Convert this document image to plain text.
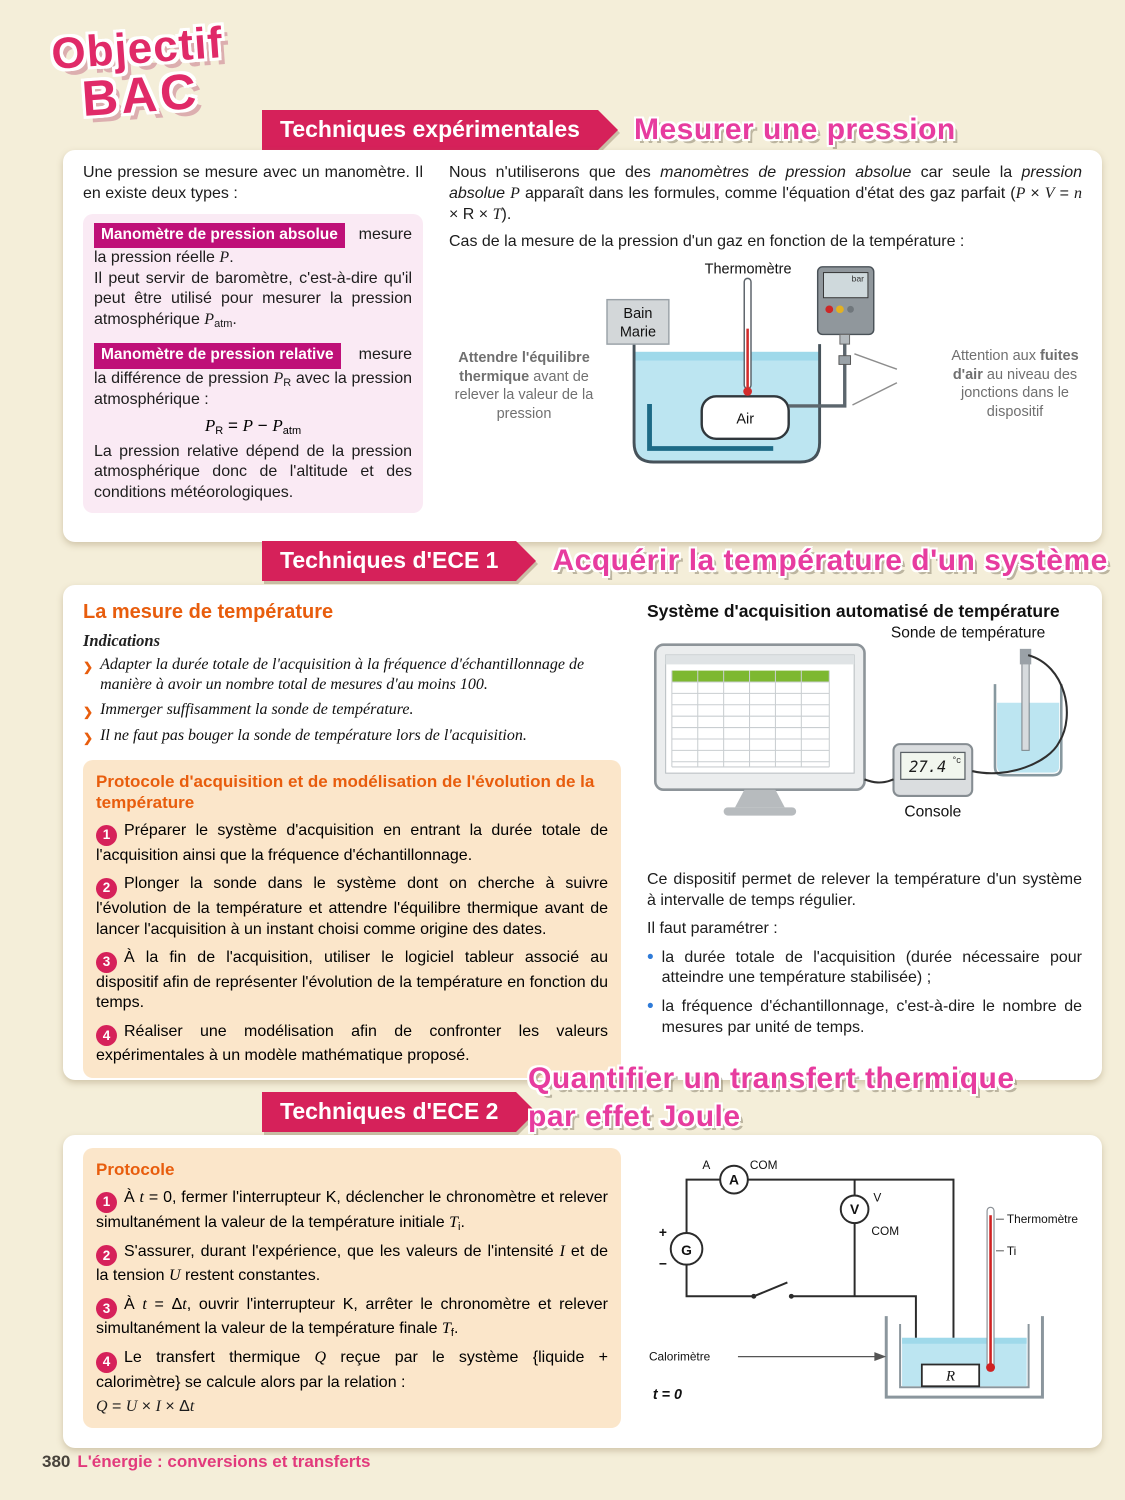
Objectif
BAC
Techniques expérimentales	Mesurer une pression

Une pression se mesure avec un manomètre. Il en existe deux types :

Manomètre de pression absolue mesure la pression réelle P.

Il peut servir de baromètre, c'est-à-dire qu'il peut être utilisé pour mesurer la pression atmosphérique $P_{atm}$.

Manomètre de pression relative mesure la différence de pression $P_R$ avec la pression atmosphérique :

$P_R = P - P_{atm}$

La pression relative dépend de la pression atmosphérique donc de l'altitude et des conditions météorologiques.

Nous n'utiliserons que des manomètres de pression absolue car seule la pression absolue P apparaît dans les formules, comme l'équation d'état des gaz parfait (P × V = n × R × T).

Cas de la mesure de la pression d'un gaz en fonction de la température :

Thermomètre
Bain
Marie
Air
bar
Attendre l'équilibre thermique avant de relever la valeur de la pression
Attention aux fuites d'air au niveau des jonctions dans le dispositif
Techniques d'ECE 1	Acquérir la température d'un système
La mesure de température
Indications
❯
Adapter la durée totale de l'acquisition à la fréquence d'échantillonnage de manière à avoir un nombre total de mesures d'au moins 100.
❯
Immerger suffisamment la sonde de température.
❯
Il ne faut pas bouger la sonde de température lors de l'acquisition.

Protocole d'acquisition et de modélisation de l'évolution de la température

1 Préparer le système d'acquisition en entrant la durée totale de l'acquisition ainsi que la fréquence d'échantillonnage.

2 Plonger la sonde dans le système dont on cherche à suivre l'évolution de la température et attendre l'équilibre thermique avant de lancer l'acquisition à un instant choisi comme origine des dates.

3 À la fin de l'acquisition, utiliser le logiciel tableur associé au dispositif afin de représenter l'évolution de la température en fonction du temps.

4 Réaliser une modélisation afin de confronter les valeurs expérimentales à un modèle mathématique proposé.

Système d'acquisition automatisé de température
Sonde de température
27.4 °c
Console

Ce dispositif permet de relever la température d'un système à intervalle de temps régulier.

Il faut paramétrer :

•
la durée totale de l'acquisition (durée nécessaire pour atteindre une température stabilisée) ;
•
la fréquence d'échantillonnage, c'est-à-dire le nombre de mesures par unité de temps.
Techniques d'ECE 2
Quantifier un transfert thermique
par effet Joule

Protocole

1 À t = 0, fermer l'interrupteur K, déclencher le chronomètre et relever simultanément la valeur de la température initiale $T_i$.

2 S'assurer, durant l'expérience, que les valeurs de l'intensité I et de la tension U restent constantes.

3 À t = Δt, ouvrir l'interrupteur K, arrêter le chronomètre et relever simultanément la valeur de la température finale $T_f$.

4 Le transfert thermique Q reçue par le système {liquide + calorimètre} se calcule alors par la relation :

Q = U × I × Δt

A	COM
A
+
−
G
V
V
COM
R
Thermomètre
Ti
Calorimètre
t = 0
380 L'énergie : conversions et transferts
